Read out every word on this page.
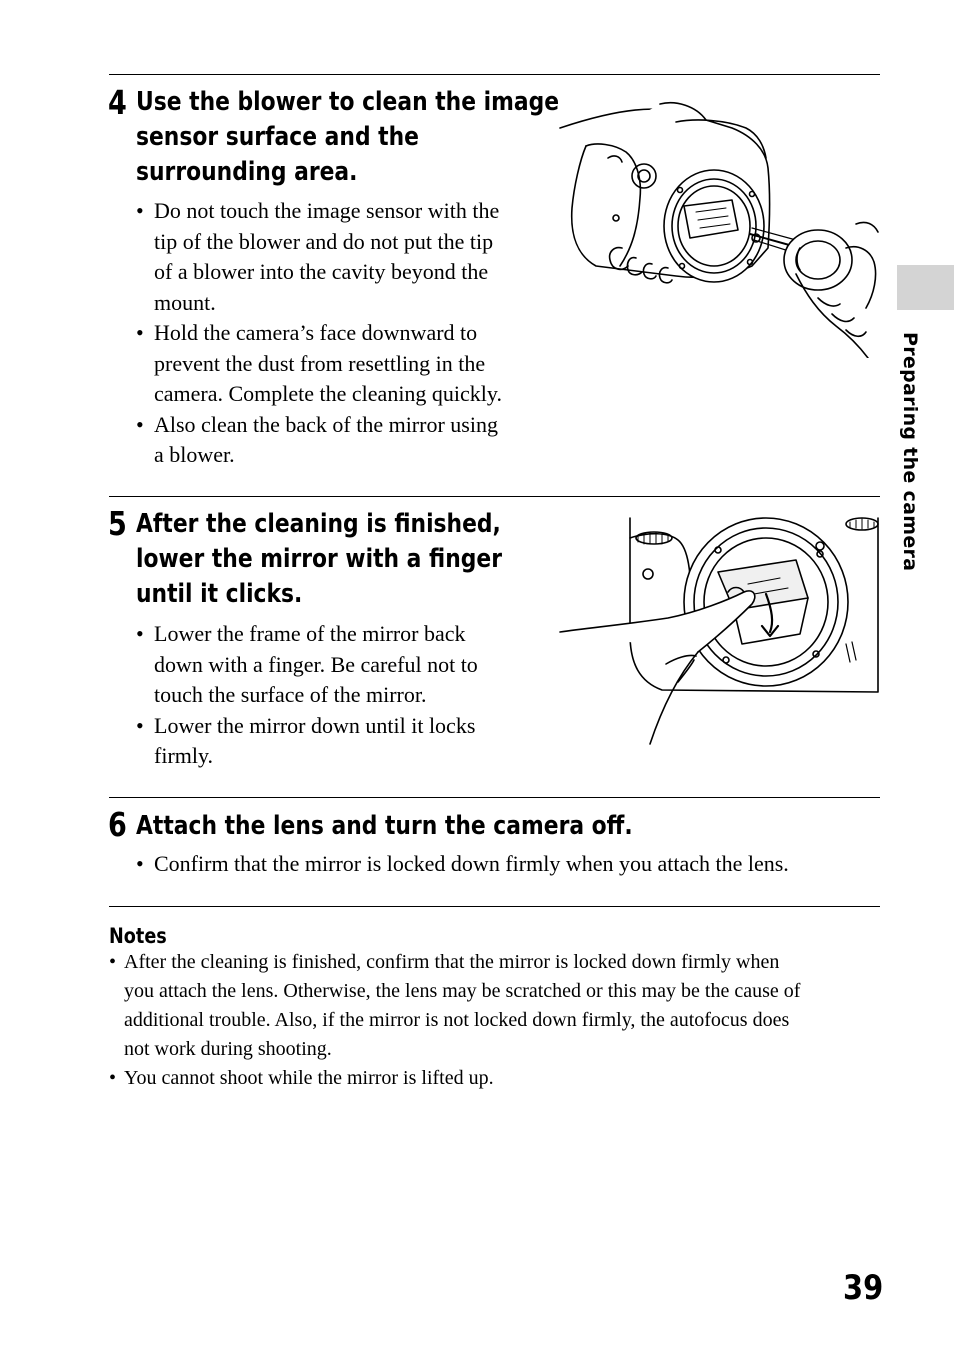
Preparing the camera
4 Use the blower to clean the image
sensor surface and the
surrounding area.
• Do not touch the image sensor with the
tip of the blower and do not put the tip
of a blower into the cavity beyond the
mount.
• Hold the camera’s face downward to
prevent the dust from resettling in the
camera. Complete the cleaning quickly.
• Also clean the back of the mirror using
a blower.
5 After the cleaning is finished,
lower the mirror with a finger
until it clicks.
• Lower the frame of the mirror back
down with a finger. Be careful not to
touch the surface of the mirror.
• Lower the mirror down until it locks
firmly.
6 Attach the lens and turn the camera off.
• Confirm that the mirror is locked down firmly when you attach the lens.
Notes
• After the cleaning is finished, confirm that the mirror is locked down firmly when
you attach the lens. Otherwise, the lens may be scratched or this may be the cause of
additional trouble. Also, if the mirror is not locked down firmly, the autofocus does
not work during shooting.
• You cannot shoot while the mirror is lifted up.
39
